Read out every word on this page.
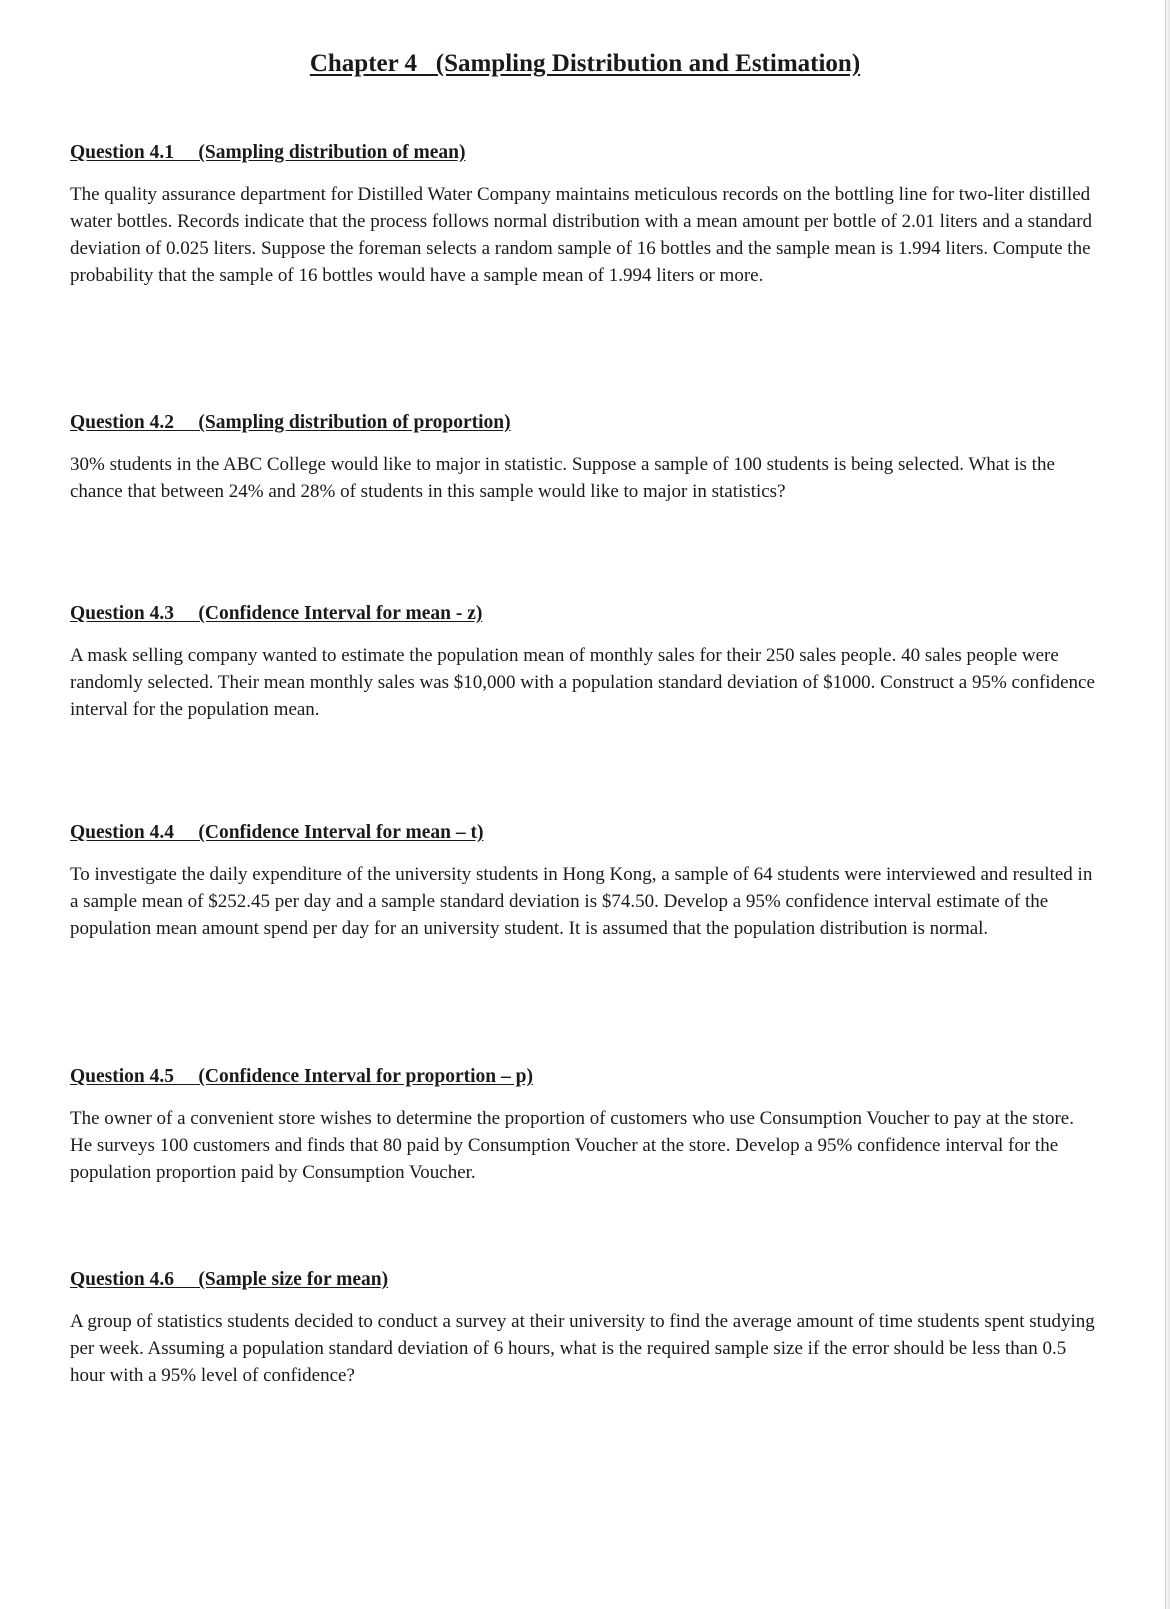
Chapter 4   (Sampling Distribution and Estimation)
Question 4.1     (Sampling distribution of mean)

The quality assurance department for Distilled Water Company maintains meticulous records on the bottling line for two-liter distilled water bottles. Records indicate that the process follows normal distribution with a mean amount per bottle of 2.01 liters and a standard deviation of 0.025 liters. Suppose the foreman selects a random sample of 16 bottles and the sample mean is 1.994 liters. Compute the probability that the sample of 16 bottles would have a sample mean of 1.994 liters or more.

Question 4.2     (Sampling distribution of proportion)

30% students in the ABC College would like to major in statistic. Suppose a sample of 100 students is being selected. What is the chance that between 24% and 28% of students in this sample would like to major in statistics?

Question 4.3     (Confidence Interval for mean - z)

A mask selling company wanted to estimate the population mean of monthly sales for their 250 sales people. 40 sales people were randomly selected. Their mean monthly sales was $10,000 with a population standard deviation of $1000. Construct a 95% confidence interval for the population mean.

Question 4.4     (Confidence Interval for mean – t)

To investigate the daily expenditure of the university students in Hong Kong, a sample of 64 students were interviewed and resulted in a sample mean of $252.45 per day and a sample standard deviation is $74.50. Develop a 95% confidence interval estimate of the population mean amount spend per day for an university student. It is assumed that the population distribution is normal.

Question 4.5     (Confidence Interval for proportion – p)

The owner of a convenient store wishes to determine the proportion of customers who use Consumption Voucher to pay at the store. He surveys 100 customers and finds that 80 paid by Consumption Voucher at the store. Develop a 95% confidence interval for the population proportion paid by Consumption Voucher.

Question 4.6     (Sample size for mean)

A group of statistics students decided to conduct a survey at their university to find the average amount of time students spent studying per week. Assuming a population standard deviation of 6 hours, what is the required sample size if the error should be less than 0.5 hour with a 95% level of confidence?
